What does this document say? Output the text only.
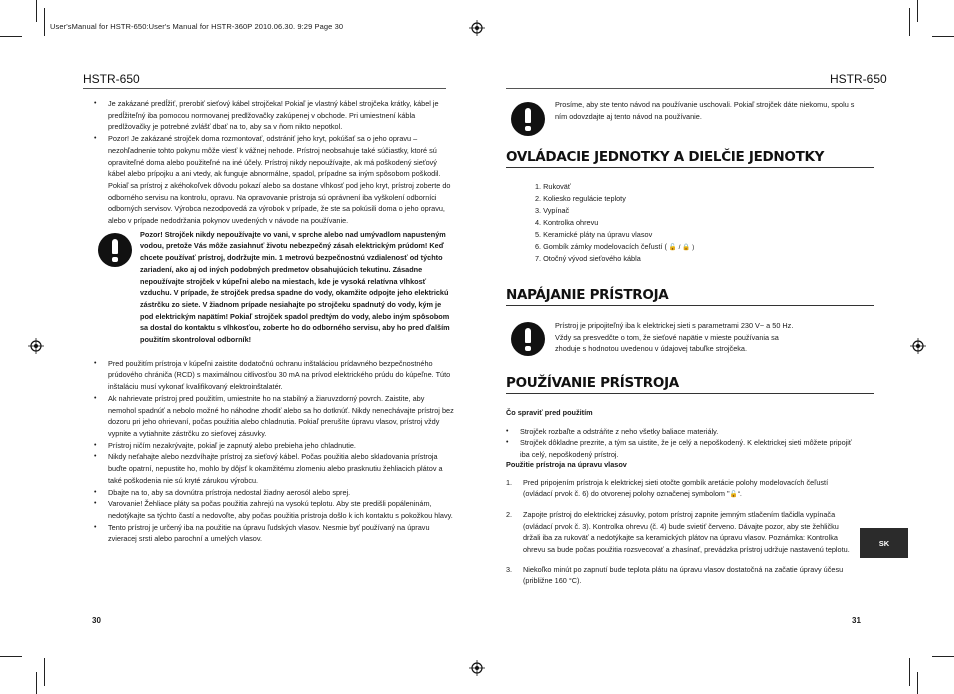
User'sManual for HSTR-650:User's Manual for HSTR-360P 2010.06.30. 9:29 Page 30
HSTR-650

• Je zakázané predĺžiť, prerobiť sieťový kábel strojčeka! Pokiaľ je vlastný kábel strojčeka krátky, kábel je predĺžiteľný iba pomocou normovanej predlžovačky zakúpenej v obchode. Pri umiestnení kábla predlžovačky je potrebné zvlášť dbať na to, aby sa v ňom nikto nepotkol.

• Pozor! Je zakázané strojček doma rozmontovať, odstrániť jeho kryt, pokúšať sa o jeho opravu – nezohľadnenie tohto pokynu môže viesť k vážnej nehode. Prístroj neobsahuje také súčiastky, ktoré sú opraviteľné doma alebo použiteľné na iné účely. Prístroj nikdy nepoužívajte, ak má poškodený sieťový kábel alebo prípojku a ani vtedy, ak funguje abnormálne, spadol, prípadne sa iným spôsobom poškodil. Pokiaľ sa prístroj z akéhokoľvek dôvodu pokazí alebo sa dostane vlhkosť pod jeho kryt, prístroj zoberte do odborného servisu na kontrolu, opravu. Na opravovanie prístroja sú oprávnení iba vyškolení odborníci odborných servisov. Výrobca nezodpovedá za výrobok v prípade, že ste sa pokúsili doma o jeho opravu, alebo v prípade nedodržania pokynov uvedených v návode na používanie.

Pozor! Strojček nikdy nepoužívajte vo vani, v sprche alebo nad umývadlom napusteným vodou, pretože Vás môže zasiahnuť životu nebezpečný zásah elektrickým prúdom! Keď chcete používať prístroj, dodržujte min. 1 metrovú bezpečnostnú vzdialenosť od týchto zariadení, ako aj od iných podobných predmetov obsahujúcich tekutinu. Zásadne nepoužívajte strojček v kúpeľni alebo na miestach, kde je vysoká relatívna vlhkosť vzduchu. V prípade, že strojček predsa spadne do vody, okamžite odpojte jeho elektrickú zástrčku zo siete. V žiadnom prípade nesiahajte po strojčeku spadnutý do vody, kým je pod elektrickým napätím! Pokiaľ strojček spadol predtým do vody, alebo iným spôsobom sa dostal do kontaktu s vlhkosťou, zoberte ho do odborného servisu, aby ho pred ďalším použitím skontroloval odborník!

• Pred použitím prístroja v kúpeľni zaistite dodatočnú ochranu inštaláciou prídavného bezpečnostného prúdového chrániča (RCD) s maximálnou citlivosťou 30 mA na prívod elektrického prúdu do kúpeľne. Túto inštaláciu musí vykonať kvalifikovaný elektroinštalatér.

• Ak nahrievate prístroj pred použitím, umiestnite ho na stabilný a žiaruvzdorný povrch. Zaistite, aby nemohol spadnúť a nebolo možné ho náhodne zhodiť alebo sa ho dotknúť. Nikdy nenechávajte prístroj bez dozoru pri jeho ohrievaní, počas použitia alebo chladnutia. Pokiaľ prerušíte úpravu vlasov, prístroj vždy vypnite a vytiahnite zástrčku zo sieťovej zásuvky.

• Prístroj ničím nezakrývajte, pokiaľ je zapnutý alebo prebieha jeho chladnutie.

• Nikdy neťahajte alebo nezdvíhajte prístroj za sieťový kábel. Počas použitia alebo skladovania prístroja buďte opatrní, nepustite ho, mohlo by dôjsť k okamžitému zlomeniu alebo prasknutiu žehliacich plátov a také poškodenia nie sú kryté zárukou výrobcu.

• Dbajte na to, aby sa dovnútra prístroja nedostal žiadny aerosól alebo sprej.

• Varovanie! Žehliace pláty sa počas použitia zahrejú na vysokú teplotu. Aby ste predišli popáleninám, nedotýkajte sa týchto častí a nedovoľte, aby počas použitia prístroja došlo k ich kontaktu s pokožkou hlavy.

• Tento prístroj je určený iba na použitie na úpravu ľudských vlasov. Nesmie byť používaný na úpravu zvieracej srsti alebo parochní a umelých vlasov.

30
HSTR-650

Prosíme, aby ste tento návod na používanie uschovali. Pokiaľ strojček dáte niekomu, spolu s ním odovzdajte aj tento návod na používanie.

OVLÁDACIE JEDNOTKY A DIELČIE JEDNOTKY
1. Rukoväť
2. Koliesko regulácie teploty
3. Vypínač
4. Kontrolka ohrevu
5. Keramické pláty na úpravu vlasov
6. Gombík zámky modelovacích čeľustí ( 🔓 / 🔒 )
7. Otočný vývod sieťového kábla
NAPÁJANIE PRÍSTROJA

Prístroj je pripojiteľný iba k elektrickej sieti s parametrami 230 V~ a 50 Hz. Vždy sa presvedčte o tom, že sieťové napätie v mieste používania sa zhoduje s hodnotou uvedenou v údajovej tabuľke strojčeka.

POUŽÍVANIE PRÍSTROJA

Čo spraviť pred použitím

• Strojček rozbaľte a odstráňte z neho všetky baliace materiály.

• Strojček dôkladne prezrite, a tým sa uistite, že je celý a nepoškodený. K elektrickej sieti môžete pripojiť iba celý, nepoškodený prístroj.

Použitie prístroja na úpravu vlasov

1. Pred pripojením prístroja k elektrickej sieti otočte gombík aretácie polohy modelovacích čeľustí (ovládací prvok č. 6) do otvorenej polohy označenej symbolom "🔓".
2. Zapojte prístroj do elektrickej zásuvky, potom prístroj zapnite jemným stlačením tlačidla vypínača (ovládací prvok č. 3). Kontrolka ohrevu (č. 4) bude svietiť červeno. Dávajte pozor, aby ste žehličku držali iba za rukoväť a nedotýkajte sa keramických plátov na úpravu vlasov. Poznámka: Kontrolka ohrevu sa bude počas použitia rozsvecovať a zhasínať, prevádzka prístroj udržuje nastavenú teplotu.
3. Niekoľko minút po zapnutí bude teplota plátu na úpravu vlasov dostatočná na začatie úpravy účesu (približne 160 °C).
SK
31
